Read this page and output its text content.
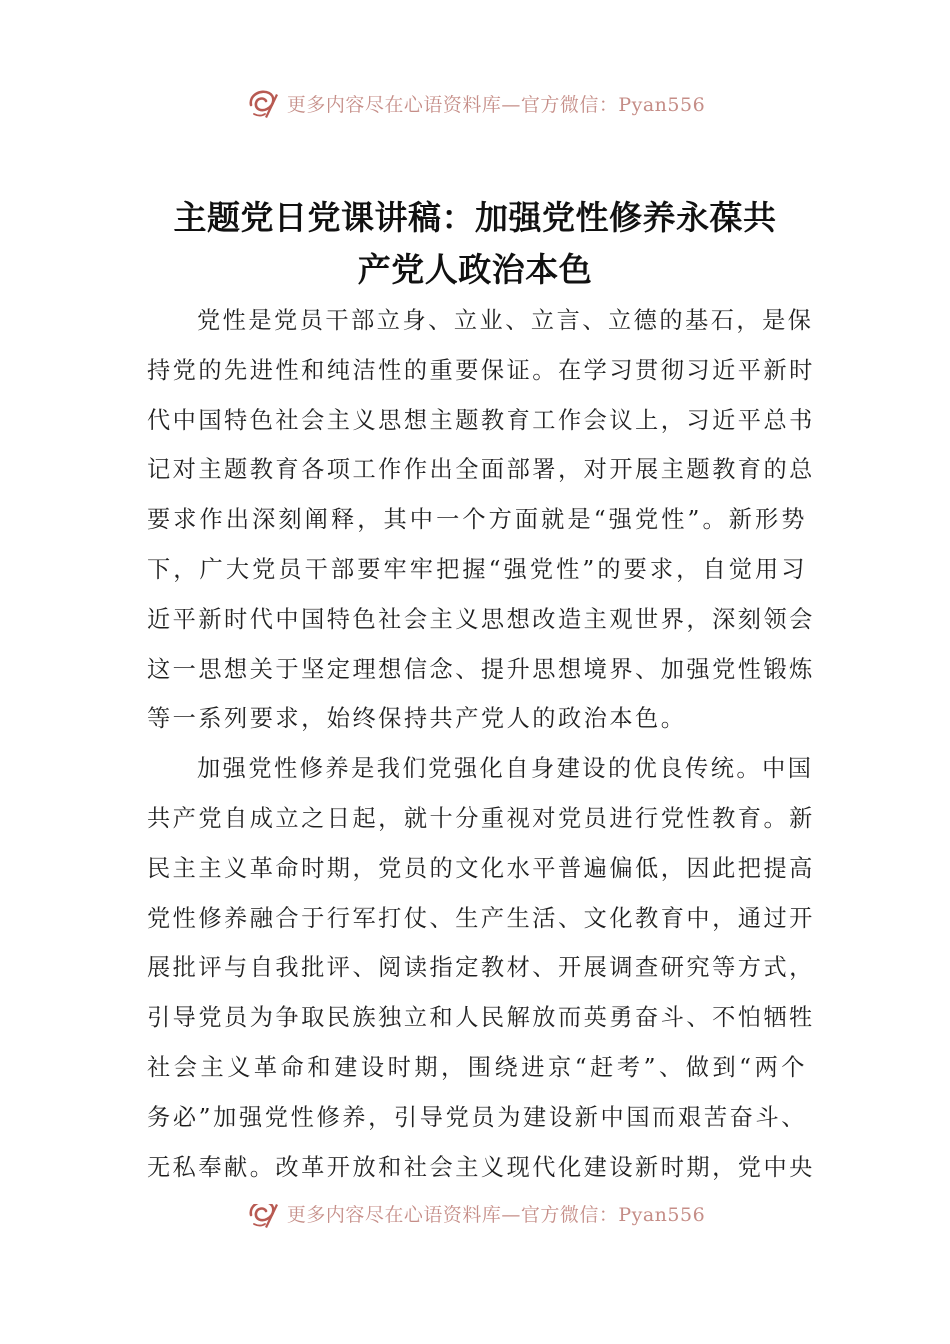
更多内容尽在心语资料库—官方微信：Pyan556
主题党日党课讲稿：加强党性修养永葆共
产党人政治本色

党性是党员干部立身、立业、立言、立德的基石，是保
持党的先进性和纯洁性的重要保证。在学习贯彻习近平新时
代中国特色社会主义思想主题教育工作会议上，习近平总书
记对主题教育各项工作作出全面部署，对开展主题教育的总
要求作出深刻阐释，其中一个方面就是“强党性”。新形势
下，广大党员干部要牢牢把握“强党性”的要求，自觉用习
近平新时代中国特色社会主义思想改造主观世界，深刻领会
这一思想关于坚定理想信念、提升思想境界、加强党性锻炼
等一系列要求，始终保持共产党人的政治本色。

加强党性修养是我们党强化自身建设的优良传统。中国
共产党自成立之日起，就十分重视对党员进行党性教育。新
民主主义革命时期，党员的文化水平普遍偏低，因此把提高
党性修养融合于行军打仗、生产生活、文化教育中，通过开
展批评与自我批评、阅读指定教材、开展调查研究等方式，
引导党员为争取民族独立和人民解放而英勇奋斗、不怕牺牲
社会主义革命和建设时期，围绕进京“赶考”、做到“两个
务必”加强党性修养，引导党员为建设新中国而艰苦奋斗、
无私奉献。改革开放和社会主义现代化建设新时期，党中央

更多内容尽在心语资料库—官方微信：Pyan556
